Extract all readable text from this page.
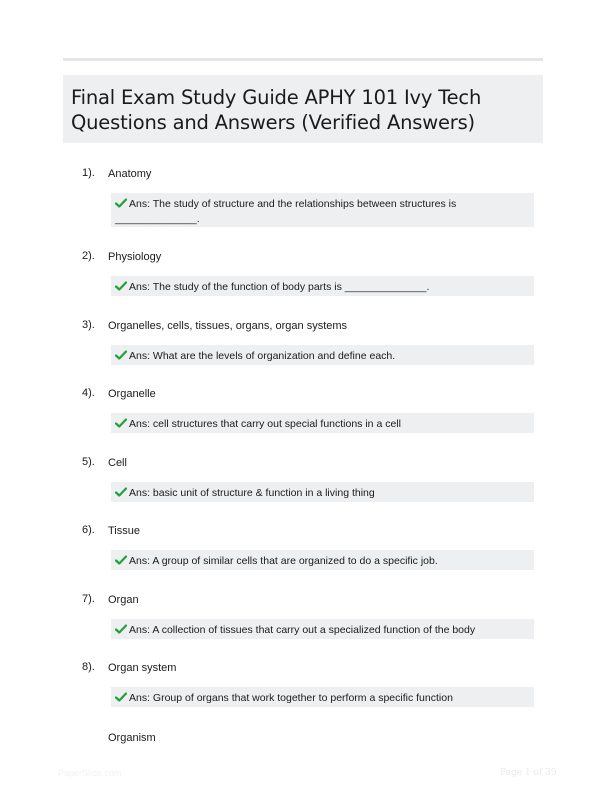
Final Exam Study Guide APHY 101 Ivy Tech
Questions and Answers (Verified Answers)
1). Anatomy
Ans: The study of structure and the relationships between structures is
______________.
2). Physiology
Ans: The study of the function of body parts is ______________.
3). Organelles, cells, tissues, organs, organ systems
Ans: What are the levels of organization and define each.
4). Organelle
Ans: cell structures that carry out special functions in a cell
5). Cell
Ans: basic unit of structure & function in a living thing
6). Tissue
Ans: A group of similar cells that are organized to do a specific job.
7). Organ
Ans: A collection of tissues that carry out a specialized function of the body
8). Organ system
Ans: Group of organs that work together to perform a specific function
Organism
PaperSlide.com	Page 1 of 39
